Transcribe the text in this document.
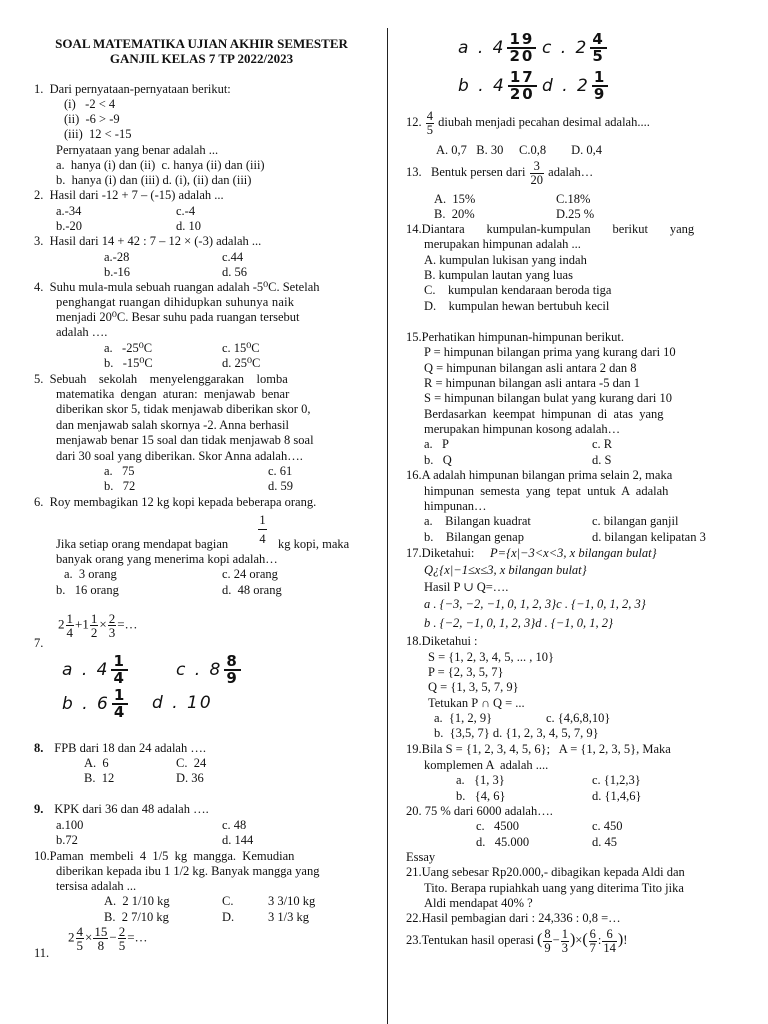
SOAL MATEMATIKA UJIAN AKHIR SEMESTER
GANJIL KELAS 7 TP 2022/2023
1.  Dari pernyataan-pernyataan berikut:
(i)   -2 < 4
(ii)  -6 > -9
(iii)  12 < -15
Pernyataan yang benar adalah ...
a.  hanya (i) dan (ii)  c. hanya (ii) dan (iii)
b.  hanya (i) dan (iii) d. (i), (ii) dan (iii)
2.  Hasil dari -12 + 7 – (-15) adalah ...
a.-34	c.-4
b.-20	d. 10
3.  Hasil dari 14 + 42 : 7 – 12 × (-3) adalah ...
a.-28	c.44
b.-16	d. 56
4.  Suhu mula-mula sebuah ruangan adalah -5⁰C. Setelah
penghangat ruangan dihidupkan suhunya naik
menjadi 20⁰C. Besar suhu pada ruangan tersebut
adalah ….
a.   -25⁰C	c. 15⁰C
b.   -15⁰C	d. 25⁰C
5.  Sebuah    sekolah    menyelenggarakan    lomba
matematika  dengan  aturan:  menjawab  benar
diberikan skor 5, tidak menjawab diberikan skor 0,
dan menjawab salah skornya -2. Anna berhasil
menjawab benar 15 soal dan tidak menjawab 8 soal
dari 30 soal yang diberikan. Skor Anna adalah….
a.   75	c. 61
b.   72	d. 59
6.  Roy membagikan 12 kg kopi kepada beberapa orang.
1
4
Jika setiap orang mendapat bagian	kg kopi, maka
banyak orang yang menerima kopi adalah…
a.  3 orang	c. 24 orang
b.   16 orang	d.  48 orang
7.
$2 \frac{1}{4} +1 \frac{1}{2} \times \frac{2}{3}$ =…
a . $4 \frac{1}{4}$	c . $8 \frac{8}{9}$
b . $6 \frac{1}{4}$ d . 10
8. FPB dari 18 dan 24 adalah ….
A.  6	C.  24
B.  12	D. 36
9. KPK dari 36 dan 48 adalah ….
a.100	c. 48
b.72	d. 144
10.Paman  membeli  4  1/5  kg  mangga.  Kemudian
diberikan kepada ibu 1 1/2 kg. Banyak mangga yang
tersisa adalah ...
A.  2 1/10 kg	C.	3 3/10 kg
B.  2 7/10 kg	D.	3 1/3 kg
11.
$2 \frac{4}{5} \times \frac{15}{8} - \frac{2}{5}$ =…
a . $4 \frac{19}{20}$ c . $2 \frac{4}{5}$
b . $4 \frac{17}{20}$ d . $2 \frac{1}{9}$
12. $\frac{4}{5}$ diubah menjadi pecahan desimal adalah....
A. 0,7   B. 30     C.0,8        D. 0,4
13.   Bentuk persen dari $\frac{3}{20}$ adalah…
A.  15%	C.18%
B.  20%	D.25 %
14.Diantara       kumpulan-kumpulan       berikut       yang
merupakan himpunan adalah ...
A. kumpulan lukisan yang indah
B. kumpulan lautan yang luas
C.    kumpulan kendaraan beroda tiga
D.    kumpulan hewan bertubuh kecil
15.Perhatikan himpunan-himpunan berikut.
P = himpunan bilangan prima yang kurang dari 10
Q = himpunan bilangan asli antara 2 dan 8
R = himpunan bilangan asli antara -5 dan 1
S = himpunan bilangan bulat yang kurang dari 10
Berdasarkan  keempat  himpunan  di  atas  yang
merupakan himpunan kosong adalah…
a.   P	c. R
b.   Q	d. S
16.A adalah himpunan bilangan prima selain 2, maka
himpunan  semesta  yang  tepat  untuk  A  adalah
himpunan…
a.    Bilangan kuadrat	c. bilangan ganjil
b.    Bilangan genap	d. bilangan kelipatan 3
17.Diketahui: P={x|−3<x<3, x bilangan bulat}
Q¿{x|−1≤x≤3, x bilangan bulat}
Hasil P ∪ Q=….
a . {−3, −2, −1, 0, 1, 2, 3}c . {−1, 0, 1, 2, 3}
b . {−2, −1, 0, 1, 2, 3}d . {−1, 0, 1, 2}
18.Diketahui :
S = {1, 2, 3, 4, 5, ... , 10}
P = {2, 3, 5, 7}
Q = {1, 3, 5, 7, 9}
Tetukan P ∩ Q = ...
a.  {1, 2, 9}	c. {4,6,8,10}
b.  {3,5, 7} d. {1, 2, 3, 4, 5, 7, 9}
19.Bila S = {1, 2, 3, 4, 5, 6};   A = {1, 2, 3, 5}, Maka
komplemen A  adalah ....
a.   {1, 3}	c. {1,2,3}
b.   {4, 6}	d. {1,4,6}
20. 75 % dari 6000 adalah….
c.   4500	c. 450
d.   45.000	d. 45
Essay
21.Uang sebesar Rp20.000,- dibagikan kepada Aldi dan
Tito. Berapa rupiahkah uang yang diterima Tito jika
Aldi mendapat 40% ?
22.Hasil pembagian dari : 24,336 : 0,8 =…
23.Tentukan hasil operasi ( $\frac{8}{9} - \frac{1}{3}$ )×( $\frac{6}{7}$ : $\frac{6}{14}$ )!
